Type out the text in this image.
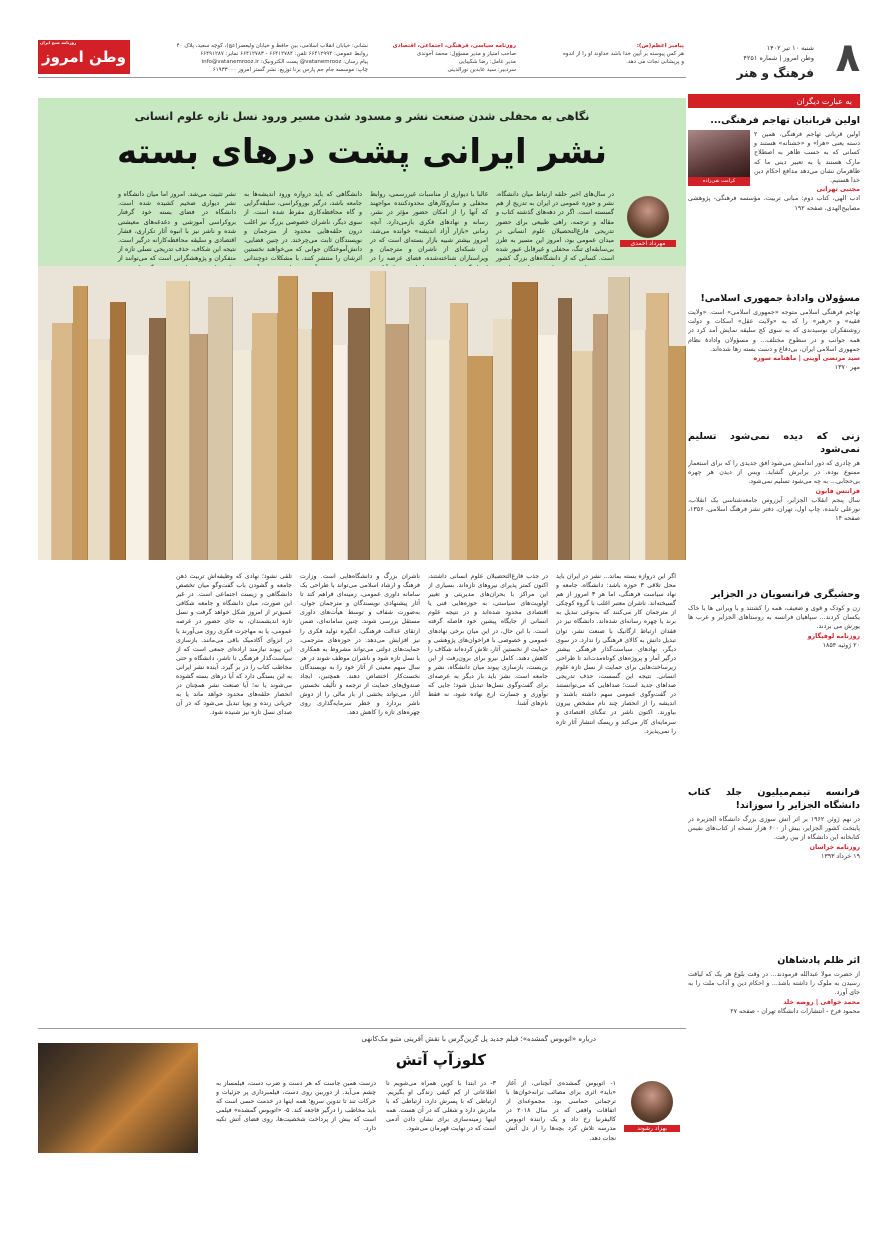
روزنامه صبح ایران
وطن امروز
نشانی: خیابان انقلاب اسلامی، بین حافظ و خیابان ولیعصر(عج)، کوچه سعید، پلاک ۴۰
روابط عمومی: ۶۶۴۱۲۹۹۴ تلفن: ۶۶۴۱۲۷۸۴ - ۶۶۴۱۲۷۸۳ نمابر: ۶۶۴۹۱۲۸۷
پیام رسان: vatanemrooz@ پست الکترونیک: info@vatanemrooz.ir
چاپ: موسسه جام جم پارس برنا توزیع: نشر گستر امروز ۶۱۹۳۳۰۰۰
روزنامه سیاسی، فرهنگی، اجتماعی، اقتصادی
صاحب امتیاز و مدیر مسؤول: محمد آخوندی
مدیر عامل: رضا شکیبایی
سردبیر: سید عابدین نورالدینی
پیامبر اعظم(ص):
هر کس پیوسته بر آیین خدا باشد خداوند او را از اندوه
و پریشانی نجات می دهد.	۸
شنبه ۱۰ تیر ۱۴۰۲
وطن امروز | شماره ۴۲۵۱
فرهنگ و هنر
به عبارت دیگران
اولین قربانیان تهاجم فرهنگی...
کرامت نقی‌زاده

اولین قربانی تهاجم فرهنگی، همین ۲ دسته یعنی «هرا» و «خشتانه» هستند و کسانی که به حسب ظاهر به اصطلاح مارک هستند یا به تعبیر دینی ما که ظاهرمان نشان می‌دهد مدافع احکام دین خدا هستیم.

مجتبی تهرانی

ادب الهی، کتاب دوم: مبانی تربیت، مؤسسه فرهنگی- پژوهشی مصابیح‌الهدی، صفحه ۱۹۲

مسؤولان وادادهٔ جمهوری اسلامی!

تهاجم فرهنگی اسلامی متوجه «جمهوری اسلامی» است. «ولایت فقیه» و «رهبر» را که به «ولایت عقل» اسکات و دولت روشنفکران نوسیدندی که به سوی کج سلیقه نمایش آمد کرد در همه جوانب و در سطوح مختلف... و مسؤولان وادادهٔ نظام جمهوری اسلامی ایران، بی‌دفاع و دست بسته رها شده‌اند.

سید مرتضی آوینی | ماهنامه سوره

مهر ۱۳۷۰

زنی که دیده نمی‌شود تسلیم نمی‌شود

هر چادری که دور اندامش می‌شود افق جدیدی را که برای استعمار ممنوع بوده، در برابرش گشاید. ویس از دیدن هر چهره بی‌حجابی... به چه می‌شود تسلیم نمی‌شود.

فرانتس فانون

سال پنجم انقلاب الجزایر، آیزروس جامعه‌شناسی یک انقلاب، نورعلی تابنده، چاپ اول، تهران، دفتر نشر فرهنگ اسلامی، ۱۳۵۶، صفحه ۱۴

وحشیگری فرانسویان در الجزایر

زن و کودک و قوی و ضعیف، همه را کشتند و با ویرانی ها با خاک یکسان کردند... سپاهیان فرانسه به روستاهای الجزایر و عرب ها یورش می بردند.

روزنامه لوفیگارو

۲۰ ژوئیه ۱۸۵۴

فرانسه تیمم‌میلیون جلد کتاب دانشگاه الجزایر را سوزاند!

در نهم ژوئن ۱۹۶۲ بر اثر آتش سوزی بزرگ دانشگاه الجزیره در پایتخت کشور الجزایر، بیش از ۶۰۰ هزار نسخه از کتاب‌های نفیس کتابخانه این دانشگاه از بین رفت.

روزنامه خراسان

۱۹ خرداد ۱۳۹۳

اثر ظلم پادشاهان

از حضرت مولا عبدالله فرمودند... در وقت بلوغ هر یک که لیاقت رسیدن به ملوک را داشته باشد... و احکام دین و آداب ملت را به جای آورد.

محمد خوافی | روضه خلد

محمود فرخ - انتشارات دانشگاه تهران - صفحه ۲۷

نگاهی به محفلی شدن صنعت نشر و مسدود شدن مسیر ورود نسل تازه علوم انسانی
نشر ایرانی پشت درهای بسته
مهرداد احمدی
در سال‌های اخیر حلقه ارتباط میان دانشگاه، نشر و حوزه عمومی در ایران به تدریج از هم گسسته است. اگر در دهه‌های گذشته کتاب و مقاله و ترجمه، راهی طبیعی برای حضور تدریجی فارغ‌التحصیلان علوم انسانی در میدان عمومی بود، امروز این مسیر به طرز بی‌سابقه‌ای تنگ، محفلی و غیرقابل عبور شده است. کسانی که از دانشگاه‌های بزرگ کشور
غالبا با دیواری از مناسبات غیررسمی، روابط محفلی و سازوکارهای محدودکننده مواجهند که آنها را از امکان حضور مؤثر در نشر، رسانه و نهادهای فکری بازمی‌دارد. آنچه زمانی «بازار آزاد اندیشه» خوانده می‌شد، امروز بیشتر شبیه بازار بسته‌ای است که در آن شبکه‌ای از ناشران و مترجمان و ویراستاران شناخته‌شده، فضای عرضه را در
دانشگاهی که باید دروازه ورود اندیشه‌ها به جامعه باشد، درگیر بوروکراسی، سلیقه‌گرایی و گاه محافظه‌کاری مفرط شده است. از سوی دیگر، ناشران خصوصی بزرگ نیز اغلب درون حلقه‌هایی محدود از مترجمان و نویسندگان ثابت می‌چرخند. در چنین فضایی، دانش‌آموختگان جوانی که می‌خواهند نخستین اثرشان را منتشر کنند، با مشکلات دوچندانی
نشر تثبیت می‌شد. امروز اما میان دانشگاه و نشر دیواری ضخیم کشیده شده است. دانشگاه در فضای بسته خود گرفتار بروکراسی آموزشی و دغدغه‌های معیشتی شده و ناشر نیز با انبوه آثار تکراری، فشار اقتصادی و سلیقه محافظه‌کارانه درگیر است. نتیجه این شکاف، حذف تدریجی نسلی تازه از متفکران و پژوهشگرانی است که می‌توانند از
اگر این دروازه بسته بماند... نشر در ایران باید محل تلاقی ۳ حوزه باشد: دانشگاه، جامعه و نهاد سیاست فرهنگی، اما هر ۳ امروز از هم گسیخته‌اند. ناشران معتبر اغلب با گروه کوچکی از مترجمان کار می‌کنند که به‌نوعی تبدیل به برند یا چهره رسانه‌ای شده‌اند. دانشگاه نیز در فقدان ارتباط ارگانیک با صنعت نشر، توان تبدیل دانش به کالای فرهنگی را ندارد. در سوی دیگر، نهادهای سیاست‌گذار فرهنگی بیشتر درگیر آمار و پروژه‌های کوتاه‌مدت‌اند تا طراحی زیرساخت‌هایی برای حمایت از نسل تازه علوم انسانی. نتیجه این گسست، حذف تدریجی صداهای جدید است؛ صداهایی که می‌توانستند در گفت‌وگوی عمومی سهم داشته باشند و اندیشه را از انحصار چند نام مشخص بیرون بیاورند. اکنون ناشر در تنگنای اقتصادی و سرمایه‌ای کار می‌کند و ریسک انتشار آثار تازه را نمی‌پذیرد.
در جذب فارغ‌التحصیلان علوم انسانی داشتند، اکنون کمتر پذیرای نیروهای تازه‌اند. بسیاری از این مراکز با بحران‌های مدیریتی و تغییر اولویت‌های سیاستی، به حوزه‌هایی فنی یا اقتصادی محدود شده‌اند و در نتیجه علوم انسانی از جایگاه پیشین خود فاصله گرفته است. با این حال، در این میان برخی نهادهای عمومی و خصوصی با فراخوان‌های پژوهشی و حمایت از نخستین آثار، تلاش کرده‌اند شکاف را کاهش دهند. کامل نیرو برای برون‌رفت از این بن‌بست، بازسازی پیوند میان دانشگاه، نشر و جامعه است. نشر باید بار دیگر به عرصه‌ای برای گفت‌وگوی نسل‌ها تبدیل شود؛ جایی که نوآوری و جسارت ارج نهاده شود، نه فقط نام‌های آشنا.
ناشران بزرگ و دانشگاه‌هایی است. وزارت فرهنگ و ارشاد اسلامی می‌تواند با طراحی یک سامانه داوری عمومی، زمینه‌ای فراهم کند تا آثار پیشنهادی نویسندگان و مترجمان جوان، به‌صورت شفاف و توسط هیأت‌های داوری مستقل بررسی شوند. چنین سامانه‌ای، ضمن ارتقای عدالت فرهنگی، انگیزه تولید فکری را نیز افزایش می‌دهد. در حوزه‌های مترجمی، حمایت‌های دولتی می‌تواند مشروط به همکاری با نسل تازه شود و ناشران موظف شوند در هر سال سهم معینی از آثار خود را به نویسندگان نخست‌کار اختصاص دهند. همچنین، ایجاد صندوق‌های حمایت از ترجمه و تألیف نخستین آثار، می‌تواند بخشی از بار مالی را از دوش ناشر بردارد و خطر سرمایه‌گذاری روی چهره‌های تازه را کاهش دهد.
تلقی نشود؛ نهادی که وظیفه‌اش تربیت ذهن جامعه و گشودن باب گفت‌وگو میان تخصص دانشگاهی و زیست اجتماعی است. در غیر این صورت، میان دانشگاه و جامعه شکافی عمیق‌تر از امروز شکل خواهد گرفت و نسل تازه اندیشمندان، به جای حضور در عرصه عمومی، یا به مهاجرت فکری روی می‌آورند یا در انزوای آکادمیک باقی می‌مانند. بازسازی این پیوند نیازمند اراده‌ای جمعی است که از سیاست‌گذار فرهنگی تا ناشر، دانشگاه و حتی مخاطب کتاب را در بر گیرد. آینده نشر ایرانی به این بستگی دارد که آیا درهای بسته گشوده می‌شوند یا نه؛ آیا صنعت نشر همچنان در انحصار حلقه‌های محدود خواهد ماند یا به جریانی زنده و پویا تبدیل می‌شود که در آن صدای نسل تازه نیز شنیده شود.
درباره «اتوبوس گمشده»؛ فیلم جدید پل گرین‌گرس با نقش آفرینی متیو مک‌کانهی
کلوزآپ آتش
بهزاد رشوند
۱- اتوبوس گمشده‌ی آنچنانی، از آغاز «باید» اثری برای مصائب ترانه‌خوان‌ها با ترجمانی حماسی بود. مجموعه‌ای از اتفاقات واقعی که در سال ۲۰۱۸ در کالیفرنیا رخ داد و یک راننده اتوبوس مدرسه تلاش کرد بچه‌ها را از دل آتش نجات دهد.
۳- در ابتدا با کوین همراه می‌شویم تا اطلاعاتی از کم کیفی زندگی او بگیریم. ارتباطی که با پسرش دارد، ارتباطی که با مادرش دارد و شغلی که در آن هست. همه اینها زمینه‌سازی برای نشان دادن آدمی است که در نهایت قهرمان می‌شود.
درست همین جاست که هر دست و ضرب دست، فیلمساز به چشم می‌آید. از دوربین روی دست، فیلمبرداری پر جزئیات و حرکات تند تا تدوین سریع؛ همه اینها در خدمت حسی است که باید مخاطب را درگیر فاجعه کند. ۵- «اتوبوس گمشده» فیلمی است که بیش از پرداخت شخصیت‌ها، روی فضای آتش تکیه دارد.
